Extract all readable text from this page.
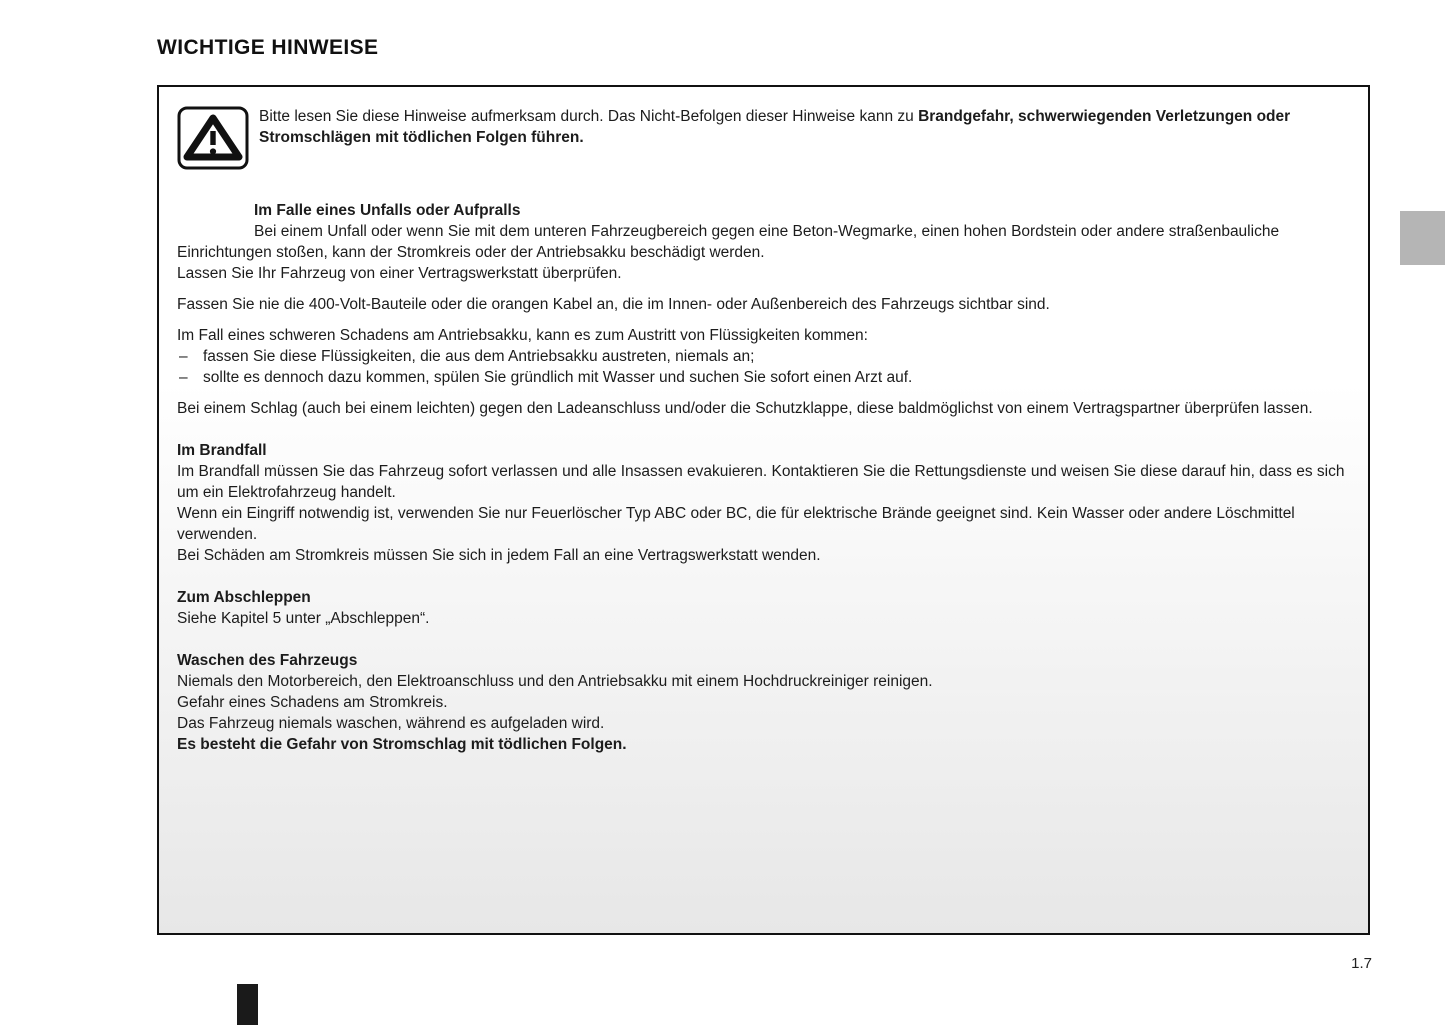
WICHTIGE HINWEISE

Bitte lesen Sie diese Hinweise aufmerksam durch. Das Nicht-Befolgen dieser Hinweise kann zu Brandgefahr, schwerwiegenden Verletzungen oder Stromschlägen mit tödlichen Folgen führen.

Im Falle eines Unfalls oder Aufpralls

Bei einem Unfall oder wenn Sie mit dem unteren Fahrzeugbereich gegen eine Beton-Wegmarke, einen hohen Bordstein oder andere straßenbauliche Einrichtungen stoßen, kann der Stromkreis oder der Antriebsakku beschädigt werden.

Lassen Sie Ihr Fahrzeug von einer Vertragswerkstatt überprüfen.

Fassen Sie nie die 400-Volt-Bauteile oder die orangen Kabel an, die im Innen- oder Außenbereich des Fahrzeugs sichtbar sind.

Im Fall eines schweren Schadens am Antriebsakku, kann es zum Austritt von Flüssigkeiten kommen:

– fassen Sie diese Flüssigkeiten, die aus dem Antriebsakku austreten, niemals an;

– sollte es dennoch dazu kommen, spülen Sie gründlich mit Wasser und suchen Sie sofort einen Arzt auf.

Bei einem Schlag (auch bei einem leichten) gegen den Ladeanschluss und/oder die Schutzklappe, diese baldmöglichst von einem Vertragspartner überprüfen lassen.

Im Brandfall

Im Brandfall müssen Sie das Fahrzeug sofort verlassen und alle Insassen evakuieren. Kontaktieren Sie die Rettungsdienste und weisen Sie diese darauf hin, dass es sich um ein Elektrofahrzeug handelt.

Wenn ein Eingriff notwendig ist, verwenden Sie nur Feuerlöscher Typ ABC oder BC, die für elektrische Brände geeignet sind. Kein Wasser oder andere Löschmittel verwenden.

Bei Schäden am Stromkreis müssen Sie sich in jedem Fall an eine Vertragswerkstatt wenden.

Zum Abschleppen

Siehe Kapitel 5 unter „Abschleppen“.

Waschen des Fahrzeugs

Niemals den Motorbereich, den Elektroanschluss und den Antriebsakku mit einem Hochdruckreiniger reinigen.

Gefahr eines Schadens am Stromkreis.

Das Fahrzeug niemals waschen, während es aufgeladen wird.

Es besteht die Gefahr von Stromschlag mit tödlichen Folgen.

1.7
